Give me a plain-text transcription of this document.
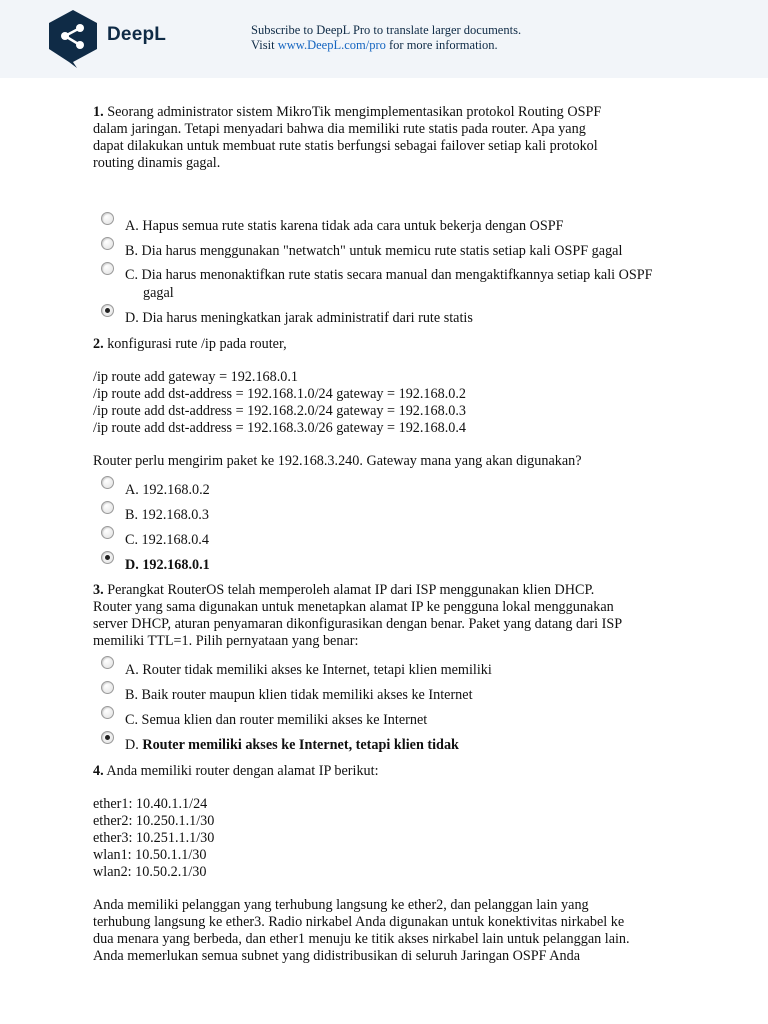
DeepL	Subscribe to DeepL Pro to translate larger documents.
Visit www.DeepL.com/pro for more information.
1. Seorang administrator sistem MikroTik mengimplementasikan protokol Routing OSPF
dalam jaringan. Tetapi menyadari bahwa dia memiliki rute statis pada router. Apa yang
dapat dilakukan untuk membuat rute statis berfungsi sebagai failover setiap kali protokol
routing dinamis gagal.
A. Hapus semua rute statis karena tidak ada cara untuk bekerja dengan OSPF
B. Dia harus menggunakan "netwatch" untuk memicu rute statis setiap kali OSPF gagal
C. Dia harus menonaktifkan rute statis secara manual dan mengaktifkannya setiap kali OSPF gagal
D. Dia harus meningkatkan jarak administratif dari rute statis
2. konfigurasi rute /ip pada router,
/ip route add gateway = 192.168.0.1
/ip route add dst-address = 192.168.1.0/24 gateway = 192.168.0.2
/ip route add dst-address = 192.168.2.0/24 gateway = 192.168.0.3
/ip route add dst-address = 192.168.3.0/26 gateway = 192.168.0.4
Router perlu mengirim paket ke 192.168.3.240. Gateway mana yang akan digunakan?
A. 192.168.0.2
B. 192.168.0.3
C. 192.168.0.4
D. 192.168.0.1
3. Perangkat RouterOS telah memperoleh alamat IP dari ISP menggunakan klien DHCP.
Router yang sama digunakan untuk menetapkan alamat IP ke pengguna lokal menggunakan
server DHCP, aturan penyamaran dikonfigurasikan dengan benar. Paket yang datang dari ISP
memiliki TTL=1. Pilih pernyataan yang benar:
A. Router tidak memiliki akses ke Internet, tetapi klien memiliki
B. Baik router maupun klien tidak memiliki akses ke Internet
C. Semua klien dan router memiliki akses ke Internet
D. Router memiliki akses ke Internet, tetapi klien tidak
4. Anda memiliki router dengan alamat IP berikut:
ether1: 10.40.1.1/24
ether2: 10.250.1.1/30
ether3: 10.251.1.1/30
wlan1: 10.50.1.1/30
wlan2: 10.50.2.1/30
Anda memiliki pelanggan yang terhubung langsung ke ether2, dan pelanggan lain yang
terhubung langsung ke ether3. Radio nirkabel Anda digunakan untuk konektivitas nirkabel ke
dua menara yang berbeda, dan ether1 menuju ke titik akses nirkabel lain untuk pelanggan lain.
Anda memerlukan semua subnet yang didistribusikan di seluruh Jaringan OSPF Anda
